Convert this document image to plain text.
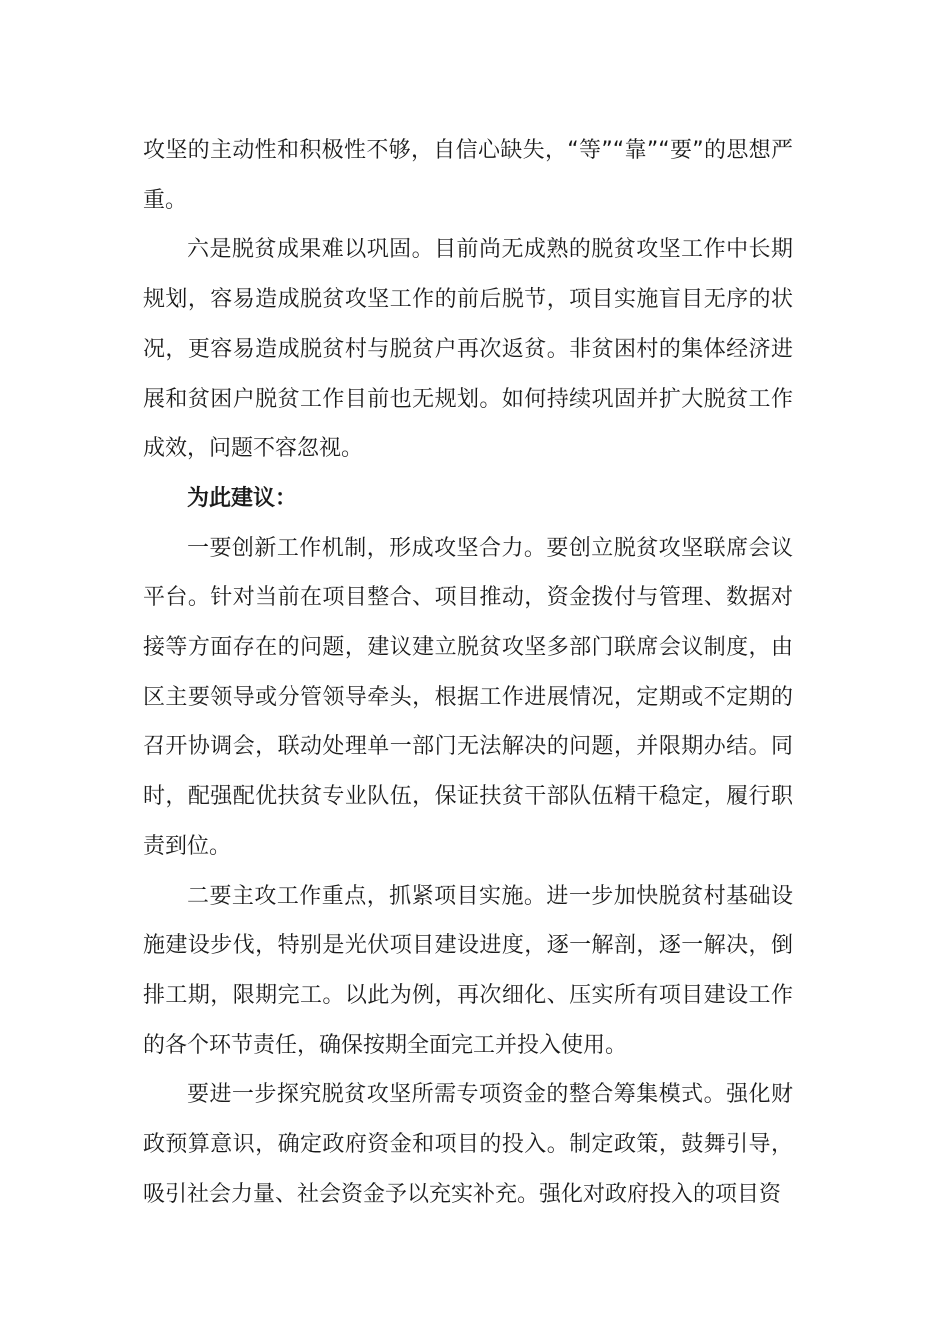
攻坚的主动性和积极性不够，自信心缺失，“等”“靠”“要”的思想严重。

六是脱贫成果难以巩固。目前尚无成熟的脱贫攻坚工作中长期规划，容易造成脱贫攻坚工作的前后脱节，项目实施盲目无序的状况，更容易造成脱贫村与脱贫户再次返贫。非贫困村的集体经济进展和贫困户脱贫工作目前也无规划。如何持续巩固并扩大脱贫工作成效，问题不容忽视。

为此建议：

一要创新工作机制，形成攻坚合力。要创立脱贫攻坚联席会议平台。针对当前在项目整合、项目推动，资金拨付与管理、数据对接等方面存在的问题，建议建立脱贫攻坚多部门联席会议制度，由区主要领导或分管领导牵头，根据工作进展情况，定期或不定期的召开协调会，联动处理单一部门无法解决的问题，并限期办结。同时，配强配优扶贫专业队伍，保证扶贫干部队伍精干稳定，履行职责到位。

二要主攻工作重点，抓紧项目实施。进一步加快脱贫村基础设施建设步伐，特别是光伏项目建设进度，逐一解剖，逐一解决，倒排工期，限期完工。以此为例，再次细化、压实所有项目建设工作的各个环节责任，确保按期全面完工并投入使用。

要进一步探究脱贫攻坚所需专项资金的整合筹集模式。强化财政预算意识，确定政府资金和项目的投入。制定政策，鼓舞引导，吸引社会力量、社会资金予以充实补充。强化对政府投入的项目资
